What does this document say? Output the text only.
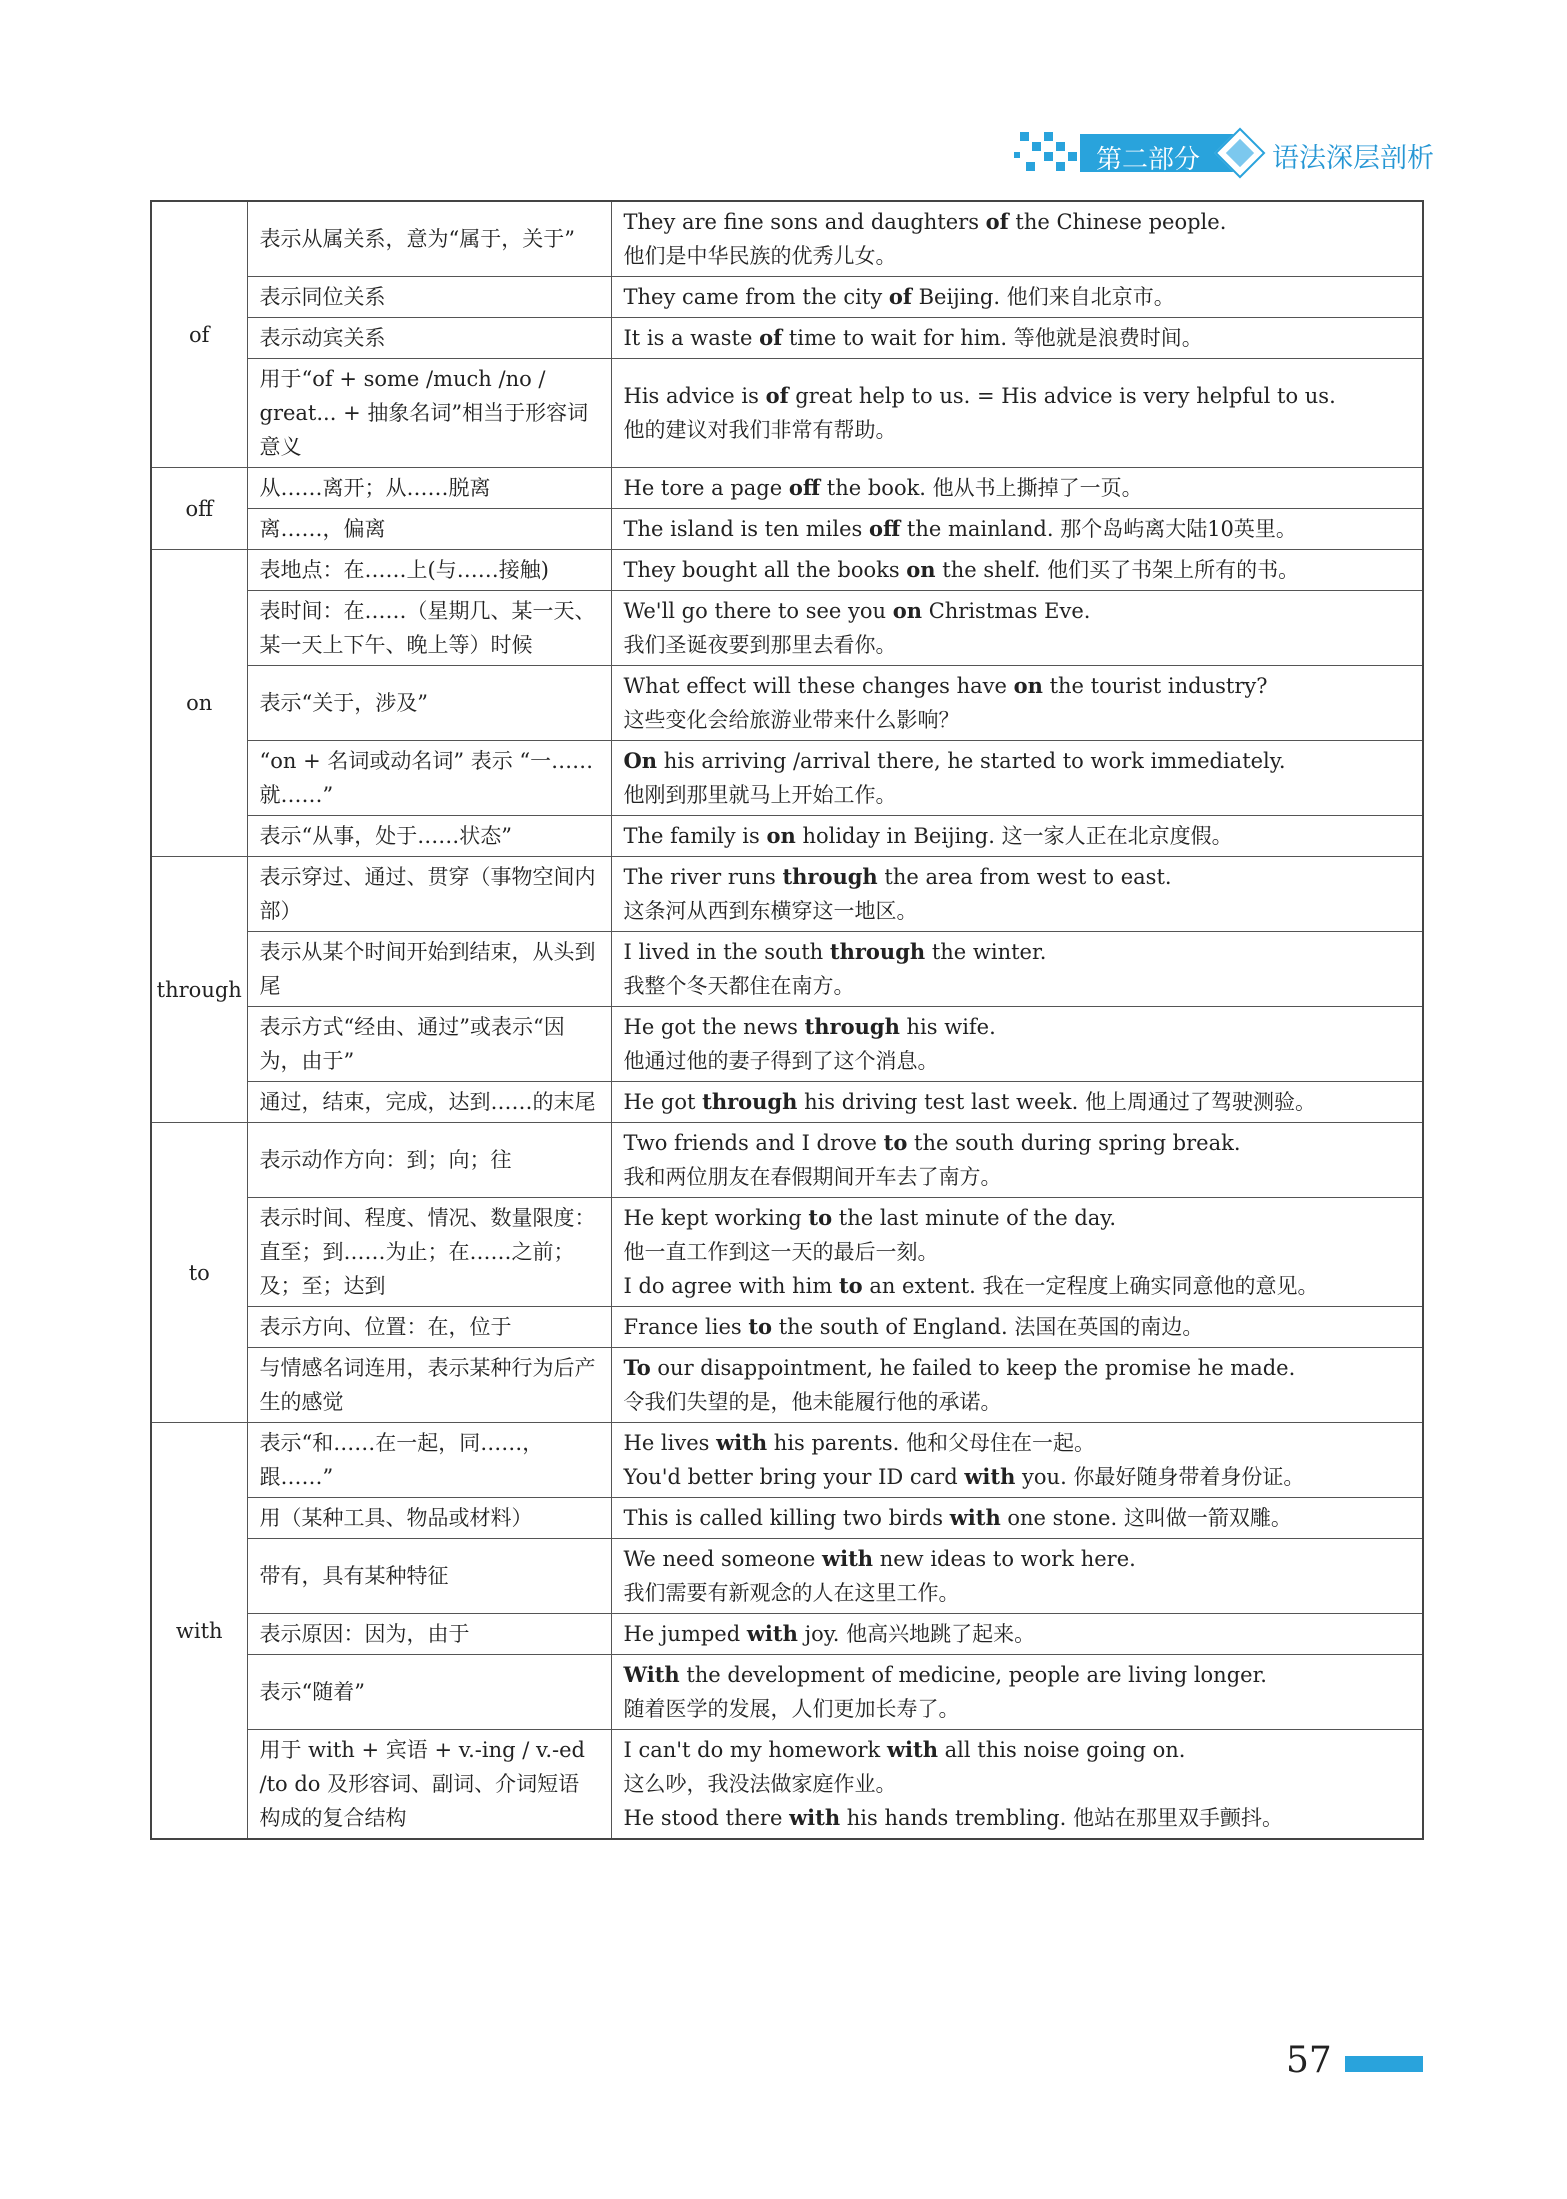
第二部分	语法深层剖析
of	表示从属关系，意为“属于，关于”	They are fine sons and daughters of the Chinese people.
他们是中华民族的优秀儿女。

	表示同位关系	They came from the city of Beijing. 他们来自北京市。

	表示动宾关系	It is a waste of time to wait for him. 等他就是浪费时间。

	用于“of + some /much /no / great... + 抽象名词”相当于形容词意义	His advice is of great help to us. = His advice is very helpful to us.
他的建议对我们非常有帮助。

off	从……离开；从……脱离	He tore a page off the book. 他从书上撕掉了一页。

	离……，偏离	The island is ten miles off the mainland. 那个岛屿离大陆10英里。

on	表地点：在……上(与……接触)	They bought all the books on the shelf. 他们买了书架上所有的书。

	表时间：在……（星期几、某一天、某一天上下午、晚上等）时候	We'll go there to see you on Christmas Eve.
我们圣诞夜要到那里去看你。

	表示“关于，涉及”	What effect will these changes have on the tourist industry?
这些变化会给旅游业带来什么影响？

	“on + 名词或动名词” 表示 “一……就……”	On his arriving /arrival there, he started to work immediately.
他刚到那里就马上开始工作。

	表示“从事，处于……状态”	The family is on holiday in Beijing. 这一家人正在北京度假。

through	表示穿过、通过、贯穿（事物空间内部）	The river runs through the area from west to east.
这条河从西到东横穿这一地区。

	表示从某个时间开始到结束，从头到尾	I lived in the south through the winter.
我整个冬天都住在南方。

	表示方式“经由、通过”或表示“因为，由于”	He got the news through his wife.
他通过他的妻子得到了这个消息。

	通过，结束，完成，达到……的末尾	He got through his driving test last week. 他上周通过了驾驶测验。

to	表示动作方向：到；向；往	Two friends and I drove to the south during spring break.
我和两位朋友在春假期间开车去了南方。

	表示时间、程度、情况、数量限度：直至；到……为止；在……之前；及；至；达到	He kept working to the last minute of the day.
他一直工作到这一天的最后一刻。
I do agree with him to an extent. 我在一定程度上确实同意他的意见。

	表示方向、位置：在，位于	France lies to the south of England. 法国在英国的南边。

	与情感名词连用，表示某种行为后产生的感觉	To our disappointment, he failed to keep the promise he made.
令我们失望的是，他未能履行他的承诺。

with	表示“和……在一起，同……，跟……”	He lives with his parents. 他和父母住在一起。
You'd better bring your ID card with you. 你最好随身带着身份证。

	用（某种工具、物品或材料）	This is called killing two birds with one stone. 这叫做一箭双雕。

	带有，具有某种特征	We need someone with new ideas to work here.
我们需要有新观念的人在这里工作。

	表示原因：因为，由于	He jumped with joy. 他高兴地跳了起来。

	表示“随着”	With the development of medicine, people are living longer.
随着医学的发展，人们更加长寿了。

	用于 with + 宾语 + v.-ing / v.-ed /to do 及形容词、副词、介词短语构成的复合结构	I can't do my homework with all this noise going on.
这么吵，我没法做家庭作业。
He stood there with his hands trembling. 他站在那里双手颤抖。
57
